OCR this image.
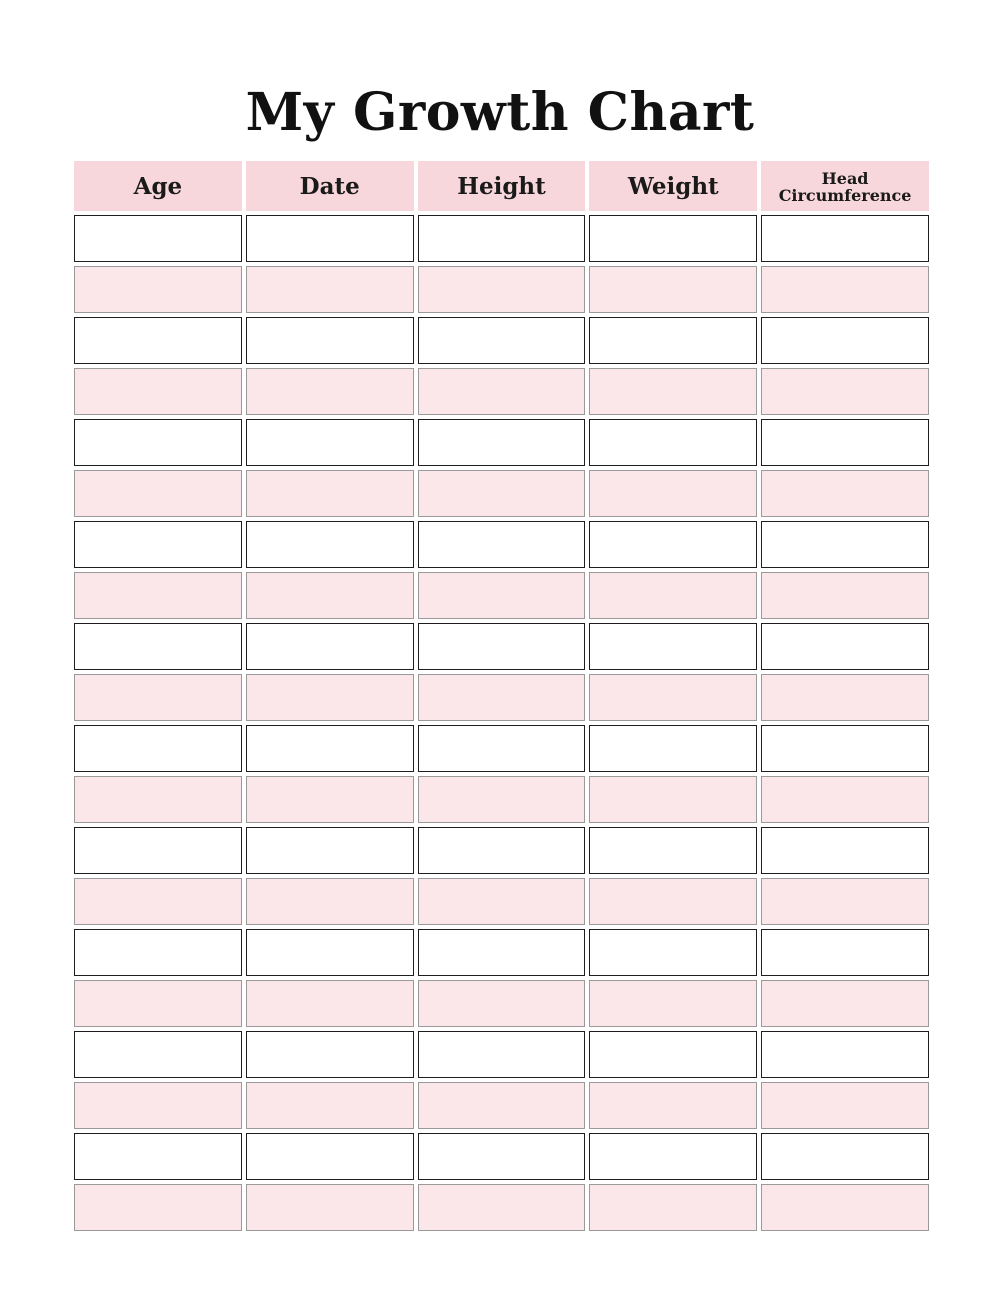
My Growth Chart
Age	Date	Height	Weight	Head
Circumference
